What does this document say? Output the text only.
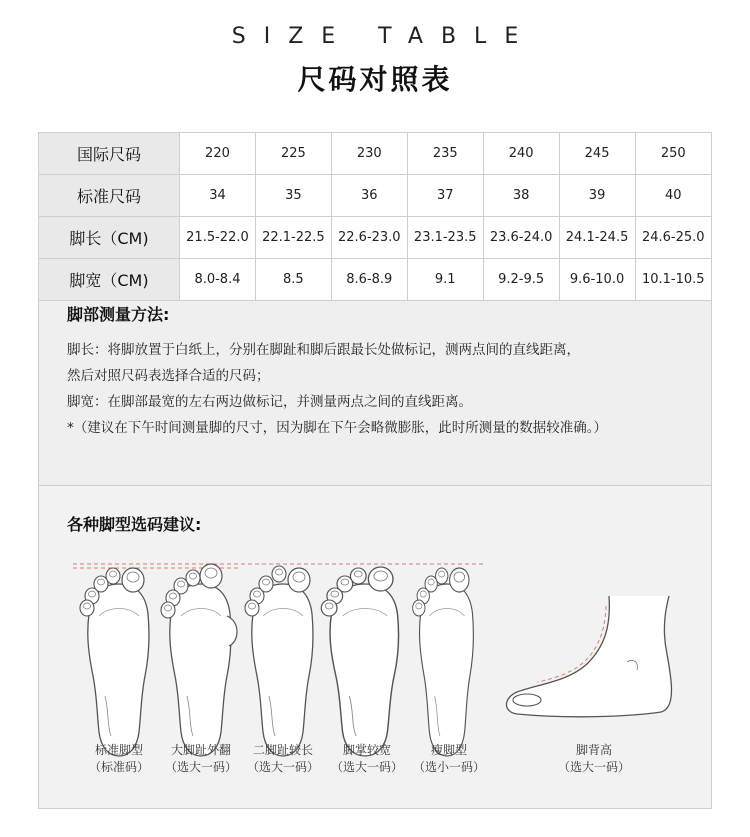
SIZE TABLE
尺码对照表
国际尺码	220	225	230	235	240	245	250
标准尺码	34	35	36	37	38	39	40
脚长（CM)	21.5-22.0	22.1-22.5	22.6-23.0	23.1-23.5	23.6-24.0	24.1-24.5	24.6-25.0
脚宽（CM)	8.0-8.4	8.5	8.6-8.9	9.1	9.2-9.5	9.6-10.0	10.1-10.5
脚部测量方法:
脚长：将脚放置于白纸上，分别在脚趾和脚后跟最长处做标记，测两点间的直线距离，
然后对照尺码表选择合适的尺码；
脚宽：在脚部最宽的左右两边做标记，并测量两点之间的直线距离。
*（建议在下午时间测量脚的尺寸，因为脚在下午会略微膨胀，此时所测量的数据较准确。）
各种脚型选码建议:
标准脚型
（标准码）
大脚趾外翻
（选大一码）
二脚趾较长
（选大一码）
脚掌较宽
（选大一码）
瘦脚型
（选小一码）
脚背高
（选大一码）
